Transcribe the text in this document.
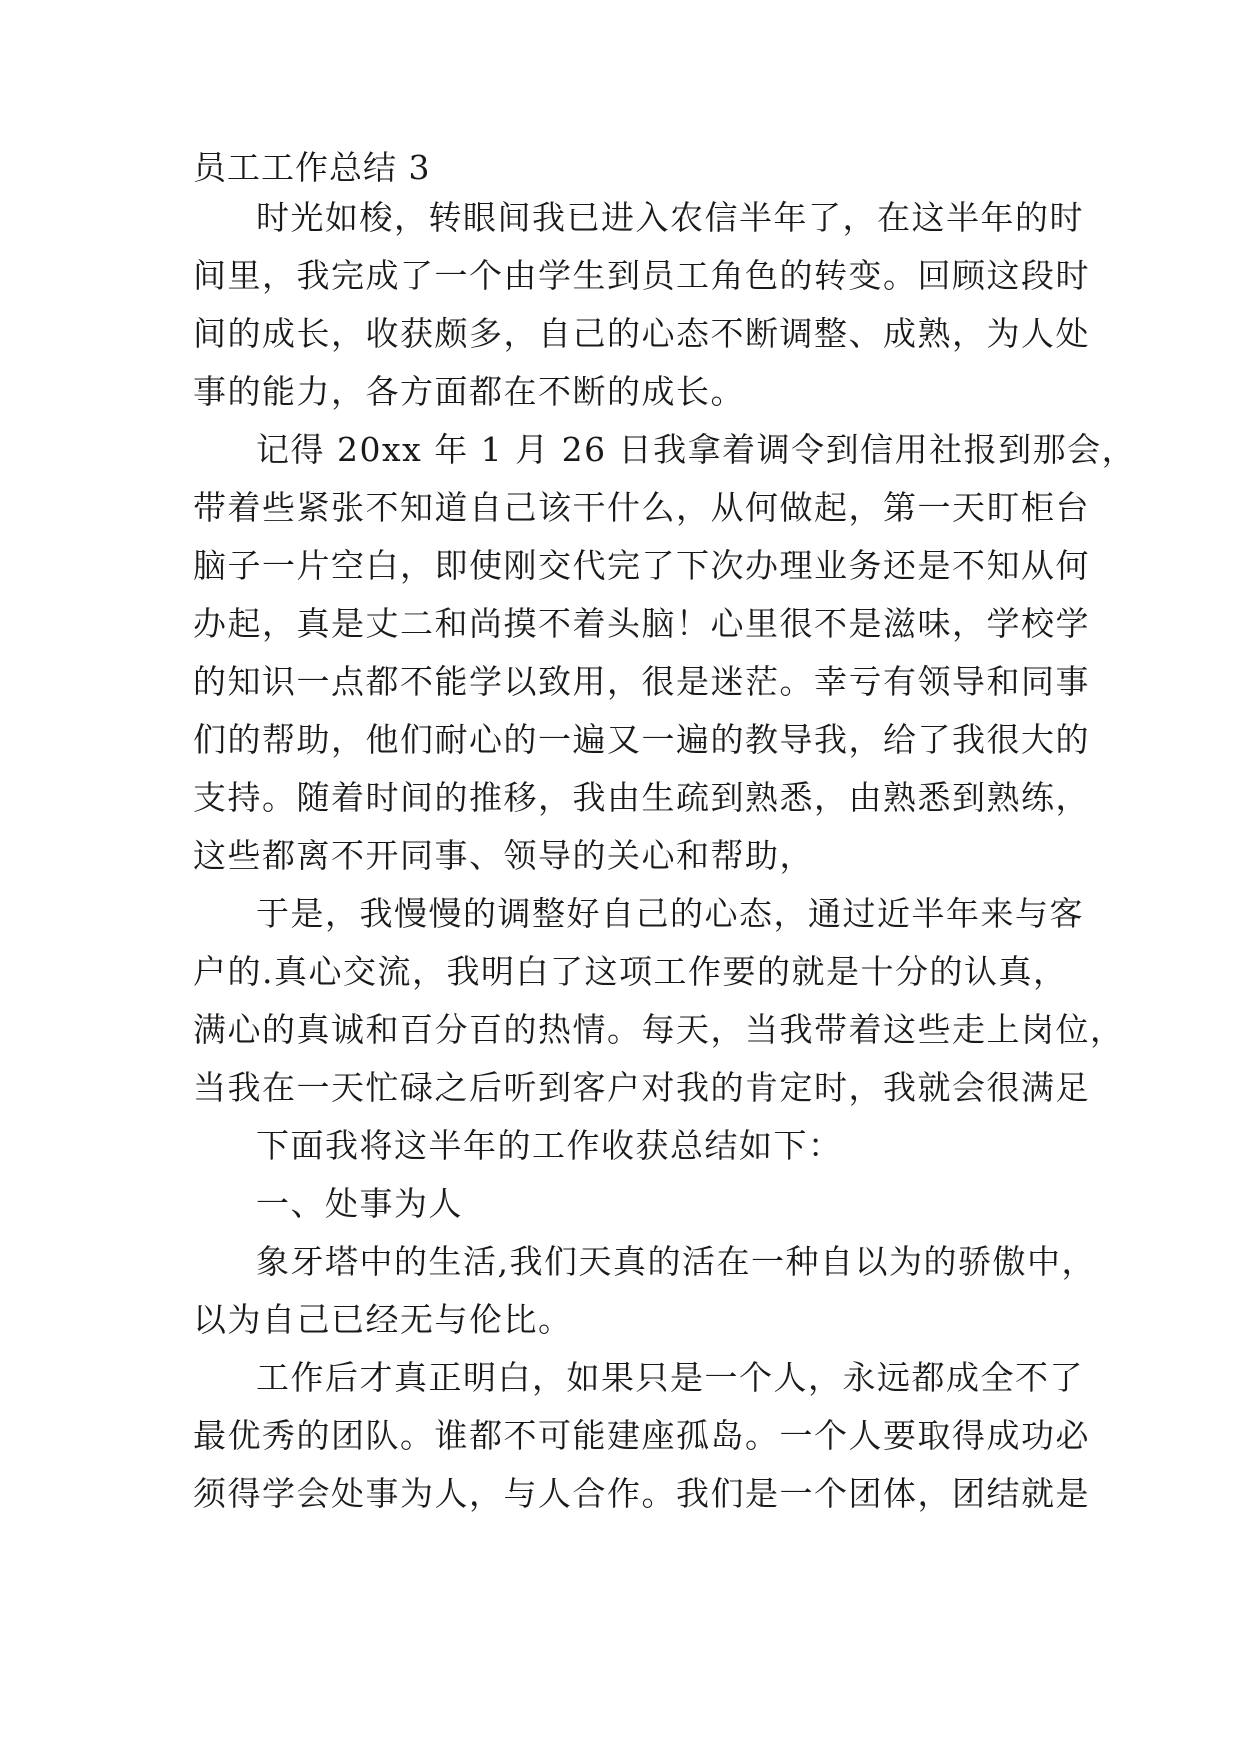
员工工作总结 3
时光如梭，转眼间我已进入农信半年了，在这半年的时
间里，我完成了一个由学生到员工角色的转变。回顾这段时
间的成长，收获颇多，自己的心态不断调整、成熟，为人处
事的能力，各方面都在不断的成长。
记得 20xx 年 1 月 26 日我拿着调令到信用社报到那会，
带着些紧张不知道自己该干什么，从何做起，第一天盯柜台
脑子一片空白，即使刚交代完了下次办理业务还是不知从何
办起，真是丈二和尚摸不着头脑！心里很不是滋味，学校学
的知识一点都不能学以致用，很是迷茫。幸亏有领导和同事
们的帮助，他们耐心的一遍又一遍的教导我，给了我很大的
支持。随着时间的推移，我由生疏到熟悉，由熟悉到熟练，
这些都离不开同事、领导的关心和帮助，
于是，我慢慢的调整好自己的心态，通过近半年来与客
户的.真心交流，我明白了这项工作要的就是十分的认真，
满心的真诚和百分百的热情。每天，当我带着这些走上岗位，
当我在一天忙碌之后听到客户对我的肯定时，我就会很满足
下面我将这半年的工作收获总结如下：
一、处事为人
象牙塔中的生活,我们天真的活在一种自以为的骄傲中，
以为自己已经无与伦比。
工作后才真正明白，如果只是一个人，永远都成全不了
最优秀的团队。谁都不可能建座孤岛。一个人要取得成功必
须得学会处事为人，与人合作。我们是一个团体，团结就是
